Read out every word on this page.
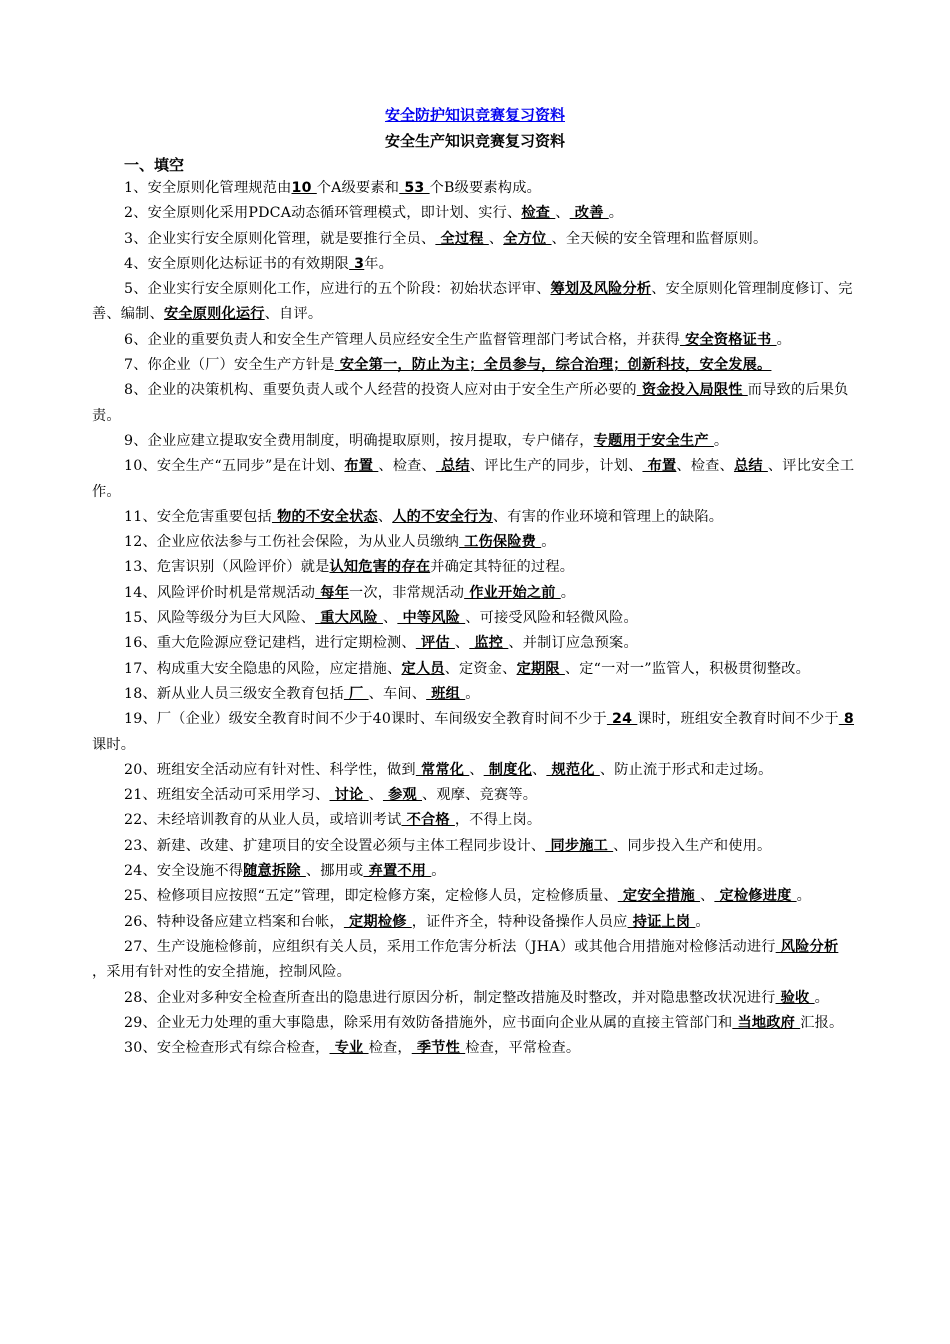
安全防护知识竞赛复习资料
安全生产知识竞赛复习资料
一、填空

1、安全原则化管理规范由10 个A级要素和 53 个B级要素构成。

2、安全原则化采用PDCA动态循环管理模式，即计划、实行、检查 、 改善 。

3、企业实行安全原则化管理，就是要推行全员、 全过程 、全方位 、全天候的安全管理和监督原则。

4、安全原则化达标证书的有效期限 3年。

5、企业实行安全原则化工作，应进行的五个阶段：初始状态评审、筹划及风险分析、安全原则化管理制度修订、完善、编制、安全原则化运行、自评。

6、企业的重要负责人和安全生产管理人员应经安全生产监督管理部门考试合格，并获得 安全资格证书 。

7、你企业（厂）安全生产方针是 安全第一，防止为主；全员参与，综合治理；创新科技，安全发展。

8、企业的决策机构、重要负责人或个人经营的投资人应对由于安全生产所必要的 资金投入局限性 而导致的后果负责。

9、企业应建立提取安全费用制度，明确提取原则，按月提取，专户储存，专题用于安全生产 。

10、安全生产“五同步”是在计划、布置 、检查、 总结、评比生产的同步，计划、 布置、检查、总结 、评比安全工作。

11、安全危害重要包括 物的不安全状态、人的不安全行为、有害的作业环境和管理上的缺陷。

12、企业应依法参与工伤社会保险，为从业人员缴纳 工伤保险费 。

13、危害识别（风险评价）就是认知危害的存在并确定其特征的过程。

14、风险评价时机是常规活动 每年一次，非常规活动 作业开始之前 。

15、风险等级分为巨大风险、 重大风险 、 中等风险 、可接受风险和轻微风险。

16、重大危险源应登记建档，进行定期检测、 评估 、 监控 、并制订应急预案。

17、构成重大安全隐患的风险，应定措施、定人员、定资金、定期限 、定“一对一”监管人，积极贯彻整改。

18、新从业人员三级安全教育包括 厂 、车间、 班组 。

19、厂（企业）级安全教育时间不少于40课时、车间级安全教育时间不少于 24 课时，班组安全教育时间不少于 8 课时。

20、班组安全活动应有针对性、科学性，做到 常常化 、 制度化、 规范化 、防止流于形式和走过场。

21、班组安全活动可采用学习、 讨论 、 参观 、观摩、竞赛等。

22、未经培训教育的从业人员，或培训考试 不合格 ，不得上岗。

23、新建、改建、扩建项目的安全设置必须与主体工程同步设计、 同步施工 、同步投入生产和使用。

24、安全设施不得随意拆除 、挪用或 弃置不用 。

25、检修项目应按照“五定”管理，即定检修方案，定检修人员，定检修质量、 定安全措施 、 定检修进度 。

26、特种设备应建立档案和台帐， 定期检修 ，证件齐全，特种设备操作人员应 持证上岗 。

27、生产设施检修前，应组织有关人员，采用工作危害分析法（JHA）或其他合用措施对检修活动进行 风险分析 ，采用有针对性的安全措施，控制风险。

28、企业对多种安全检查所查出的隐患进行原因分析，制定整改措施及时整改，并对隐患整改状况进行 验收 。

29、企业无力处理的重大事隐患，除采用有效防备措施外，应书面向企业从属的直接主管部门和 当地政府 汇报。

30、安全检查形式有综合检查， 专业 检查， 季节性 检查，平常检查。
